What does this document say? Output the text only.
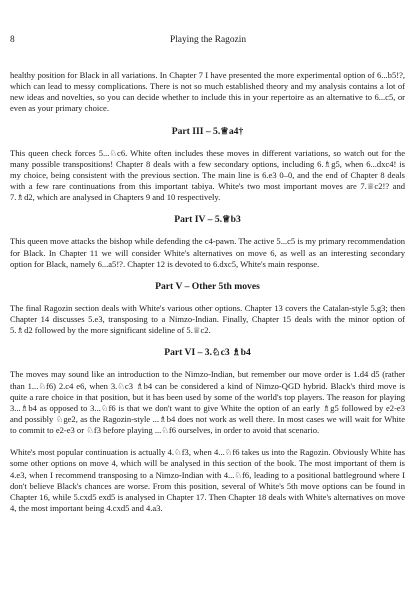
8	Playing the Ragozin

healthy position for Black in all variations. In Chapter 7 I have presented the more experimental option of 6...b5!?, which can lead to messy complications. There is not so much established theory and my analysis contains a lot of new ideas and novelties, so you can decide whether to include this in your repertoire as an alternative to 6...c5, or even as your primary choice.

Part III – 5.♕a4†

This queen check forces 5...♘c6. White often includes these moves in different variations, so watch out for the many possible transpositions! Chapter 8 deals with a few secondary options, including 6.♗g5, when 6...dxc4! is my choice, being consistent with the previous section. The main line is 6.e3 0–0, and the end of Chapter 8 deals with a few rare continuations from this important tabiya. White's two most important moves are 7.♕c2!? and 7.♗d2, which are analysed in Chapters 9 and 10 respectively.

Part IV – 5.♕b3

This queen move attacks the bishop while defending the c4-pawn. The active 5...c5 is my primary recommendation for Black. In Chapter 11 we will consider White's alternatives on move 6, as well as an interesting secondary option for Black, namely 6...a5!?. Chapter 12 is devoted to 6.dxc5, White's main response.

Part V – Other 5th moves

The final Ragozin section deals with White's various other options. Chapter 13 covers the Catalan-style 5.g3; then Chapter 14 discusses 5.e3, transposing to a Nimzo-Indian. Finally, Chapter 15 deals with the minor option of 5.♗d2 followed by the more significant sideline of 5.♕c2.

Part VI – 3.♘c3 ♗b4

The moves may sound like an introduction to the Nimzo-Indian, but remember our move order is 1.d4 d5 (rather than 1...♘f6) 2.c4 e6, when 3.♘c3 ♗b4 can be considered a kind of Nimzo-QGD hybrid. Black's third move is quite a rare choice in that position, but it has been used by some of the world's top players. The reason for playing 3...♗b4 as opposed to 3...♘f6 is that we don't want to give White the option of an early ♗g5 followed by e2-e3 and possibly ♘ge2, as the Ragozin-style ...♗b4 does not work as well there. In most cases we will wait for White to commit to e2-e3 or ♘f3 before playing ...♘f6 ourselves, in order to avoid that scenario.

White's most popular continuation is actually 4.♘f3, when 4...♘f6 takes us into the Ragozin. Obviously White has some other options on move 4, which will be analysed in this section of the book. The most important of them is 4.e3, when I recommend transposing to a Nimzo-Indian with 4...♘f6, leading to a positional battleground where I don't believe Black's chances are worse. From this position, several of White's 5th move options can be found in Chapter 16, while 5.cxd5 exd5 is analysed in Chapter 17. Then Chapter 18 deals with White's alternatives on move 4, the most important being 4.cxd5 and 4.a3.
